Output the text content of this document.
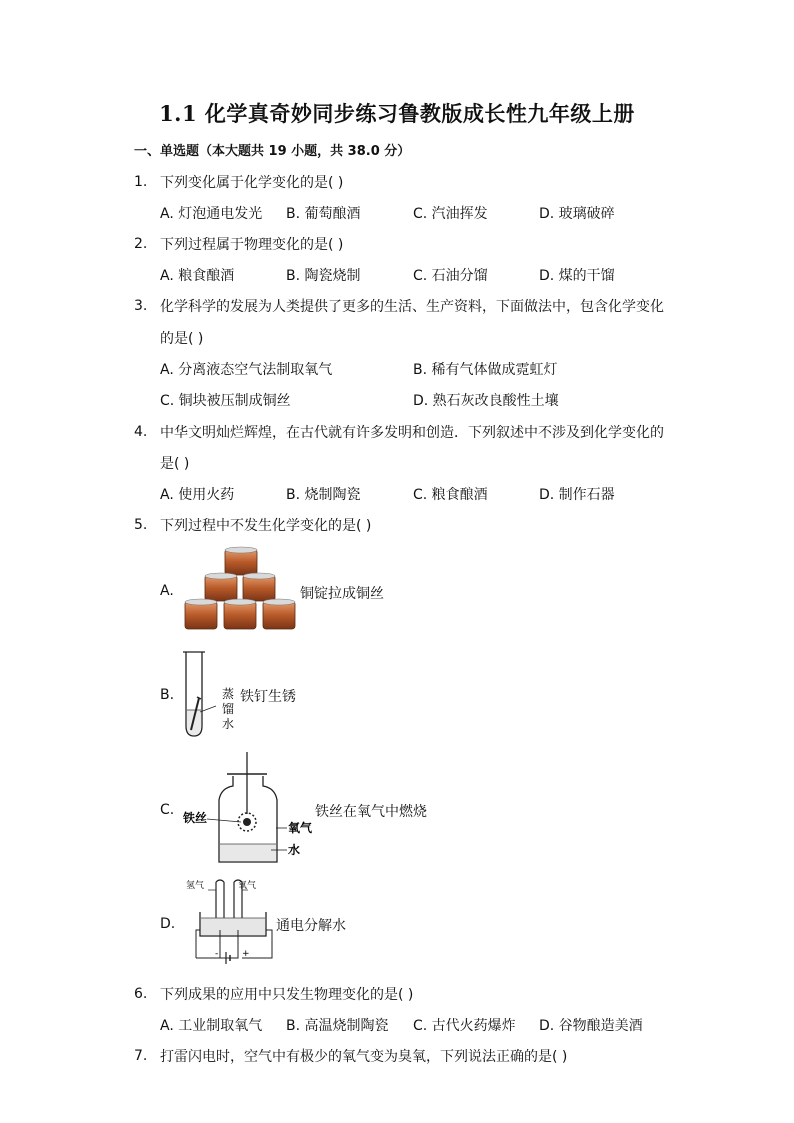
1.1 化学真奇妙同步练习鲁教版成长性九年级上册
一、单选题（本大题共 19 小题，共 38.0 分）
1. 下列变化属于化学变化的是( )
A. 灯泡通电发光 B. 葡萄酿酒	C. 汽油挥发	D. 玻璃破碎
2. 下列过程属于物理变化的是( )
A. 粮食酿酒	B. 陶瓷烧制	C. 石油分馏	D. 煤的干馏
3. 化学科学的发展为人类提供了更多的生活、生产资料，下面做法中，包含化学变化
的是( )
A. 分离液态空气法制取氧气	B. 稀有气体做成霓虹灯
C. 铜块被压制成铜丝	D. 熟石灰改良酸性土壤
4. 中华文明灿烂辉煌，在古代就有许多发明和创造．下列叙述中不涉及到化学变化的
是( )
A. 使用火药	B. 烧制陶瓷	C. 粮食酿酒	D. 制作石器
5. 下列过程中不发生化学变化的是( )
A.	铜锭拉成铜丝
B.	蒸
馏
水
铁钉生锈
C. 铁丝
氧气
水
铁丝在氧气中燃烧
D.
氢气	氧气
-	+
通电分解水
6. 下列成果的应用中只发生物理变化的是( )
A. 工业制取氧气 B. 高温烧制陶瓷 C. 古代火药爆炸 D. 谷物酿造美酒
7. 打雷闪电时，空气中有极少的氧气变为臭氧，下列说法正确的是( )
